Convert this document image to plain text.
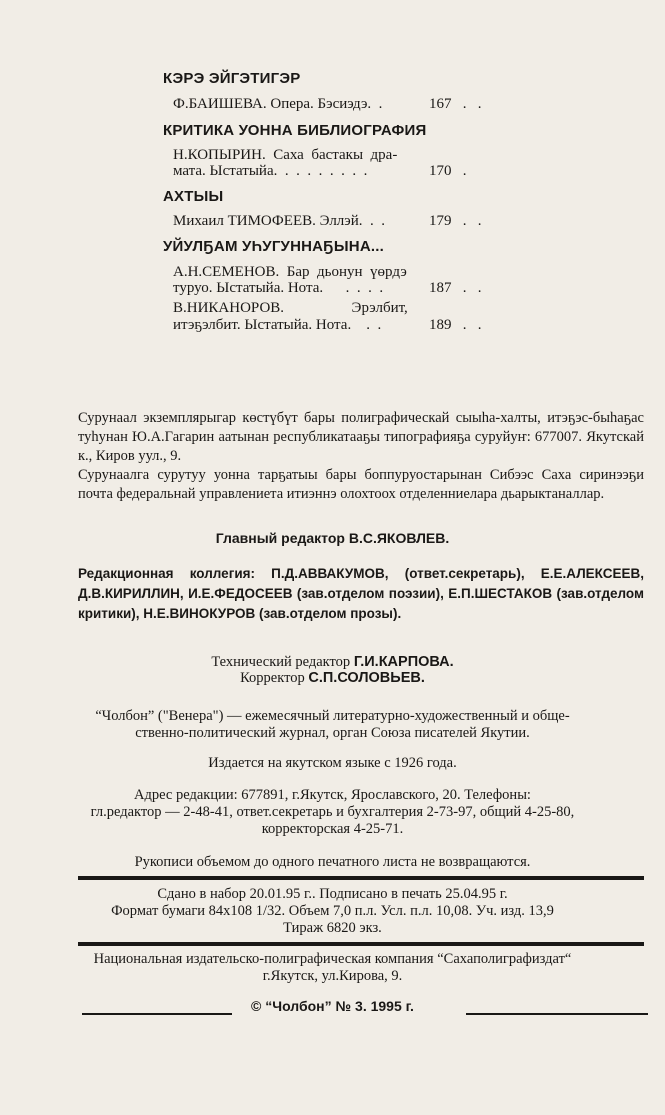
КЭРЭ ЭЙГЭТИГЭР
Ф.БАИШЕВА. Опера. Бэсиэдэ.  .	167   .   .
КРИТИКА УОННА БИБЛИОГРАФИЯ
Н.КОПЫРИН.  Саха  бастакы  дра-
мата. Ыстатыйа.  .  .  .  .  .  .  .  .	170   .
АХТЫЫ
Михаил ТИМОФЕЕВ. Эллэй.  .  .	179   .   .
УЙУЛҔАМ УҺУГУННАҔЫНА...
А.Н.СЕМЕНОВ.  Бар  дьонун  үөрдэ
туруо. Ыстатыйа. Нота.      .  .  .  .	187   .   .
В.НИКАНОРОВ.                  Эрэлбит,
итэҕэлбит. Ыстатыйа. Нота.    .  .	189   .   .
Сурунаал экземплярыгар көстүбүт бары полиграфическай сыыһа-халты, итэҕэс-быһаҕас туһунан Ю.А.Гагарин аатынан республикатааҕы типографияҕа суруйуҥ: 677007. Якутскай к., Киров уул., 9.
Сурунаалга сурутуу уонна тарҕатыы бары боппуруостарынан Сибээс Саха сиринээҕи почта федеральнай управлениета итиэннэ олохтоох отделенниелара дьарыктаналлар.
Главный редактор В.С.ЯКОВЛЕВ.
Редакционная коллегия: П.Д.АВВАКУМОВ, (ответ.секретарь), Е.Е.АЛЕКСЕЕВ, Д.В.КИРИЛЛИН, И.Е.ФЕДОСЕЕВ (зав.отделом поэзии), Е.П.ШЕСТАКОВ (зав.отделом критики), Н.Е.ВИНОКУРОВ (зав.отделом прозы).
Технический редактор Г.И.КАРПОВА.
Корректор С.П.СОЛОВЬЕВ.
“Чолбон” ("Венера") — ежемесячный литературно-художественный и обще-
ственно-политический журнал, орган Союза писателей Якутии.
Издается на якутском языке с 1926 года.
Адрес редакции: 677891, г.Якутск, Ярославского, 20. Телефоны:
гл.редактор — 2-48-41, ответ.секретарь и бухгалтерия 2-73-97, общий 4-25-80,
корректорская 4-25-71.
Рукописи объемом до одного печатного листа не возвращаются.
Сдано в набор 20.01.95 г.. Подписано в печать 25.04.95 г.
Формат бумаги 84х108 1/32. Объем 7,0 п.л. Усл. п.л. 10,08. Уч. изд. 13,9
Тираж 6820 экз.
Национальная издательско-полиграфическая компания “Сахаполиграфиздат“
г.Якутск, ул.Кирова, 9.
© “Чолбон” № 3. 1995 г.
